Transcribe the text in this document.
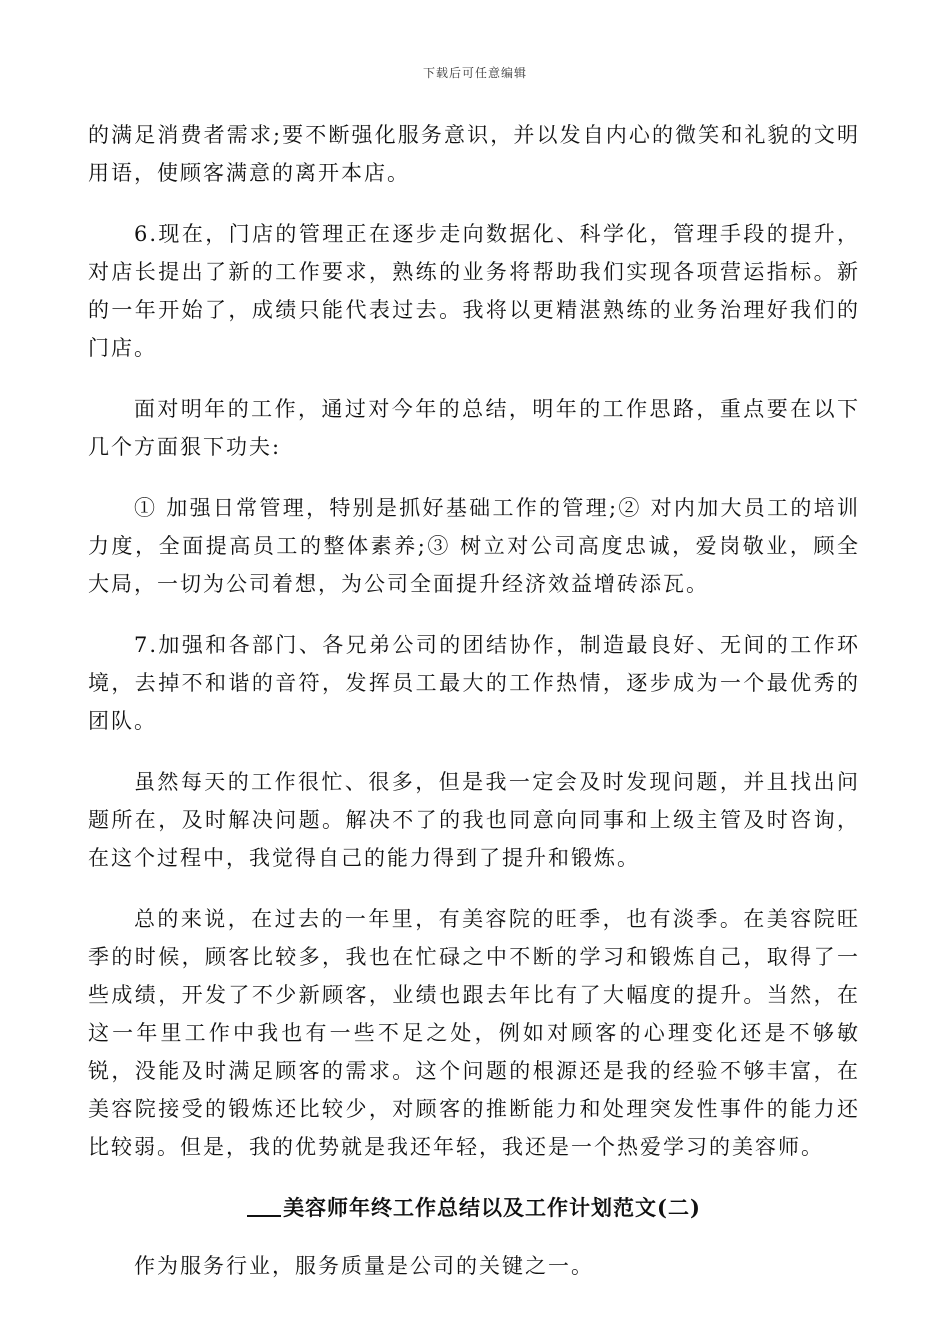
下载后可任意编辑

的满足消费者需求;要不断强化服务意识，并以发自内心的微笑和礼貌的文明用语，使顾客满意的离开本店。

6.现在，门店的管理正在逐步走向数据化、科学化，管理手段的提升，对店长提出了新的工作要求，熟练的业务将帮助我们实现各项营运指标。新的一年开始了，成绩只能代表过去。我将以更精湛熟练的业务治理好我们的门店。

面对明年的工作，通过对今年的总结，明年的工作思路，重点要在以下几个方面狠下功夫:

① 加强日常管理，特别是抓好基础工作的管理;② 对内加大员工的培训力度，全面提高员工的整体素养;③ 树立对公司高度忠诚，爱岗敬业，顾全大局，一切为公司着想，为公司全面提升经济效益增砖添瓦。

7.加强和各部门、各兄弟公司的团结协作，制造最良好、无间的工作环境，去掉不和谐的音符，发挥员工最大的工作热情，逐步成为一个最优秀的团队。

虽然每天的工作很忙、很多，但是我一定会及时发现问题，并且找出问题所在，及时解决问题。解决不了的我也同意向同事和上级主管及时咨询，在这个过程中，我觉得自己的能力得到了提升和锻炼。

总的来说，在过去的一年里，有美容院的旺季，也有淡季。在美容院旺季的时候，顾客比较多，我也在忙碌之中不断的学习和锻炼自己，取得了一些成绩，开发了不少新顾客，业绩也跟去年比有了大幅度的提升。当然，在这一年里工作中我也有一些不足之处，例如对顾客的心理变化还是不够敏锐，没能及时满足顾客的需求。这个问题的根源还是我的经验不够丰富，在美容院接受的锻炼还比较少，对顾客的推断能力和处理突发性事件的能力还比较弱。但是，我的优势就是我还年轻，我还是一个热爱学习的美容师。

美容师年终工作总结以及工作计划范文(二)

作为服务行业，服务质量是公司的关键之一。
